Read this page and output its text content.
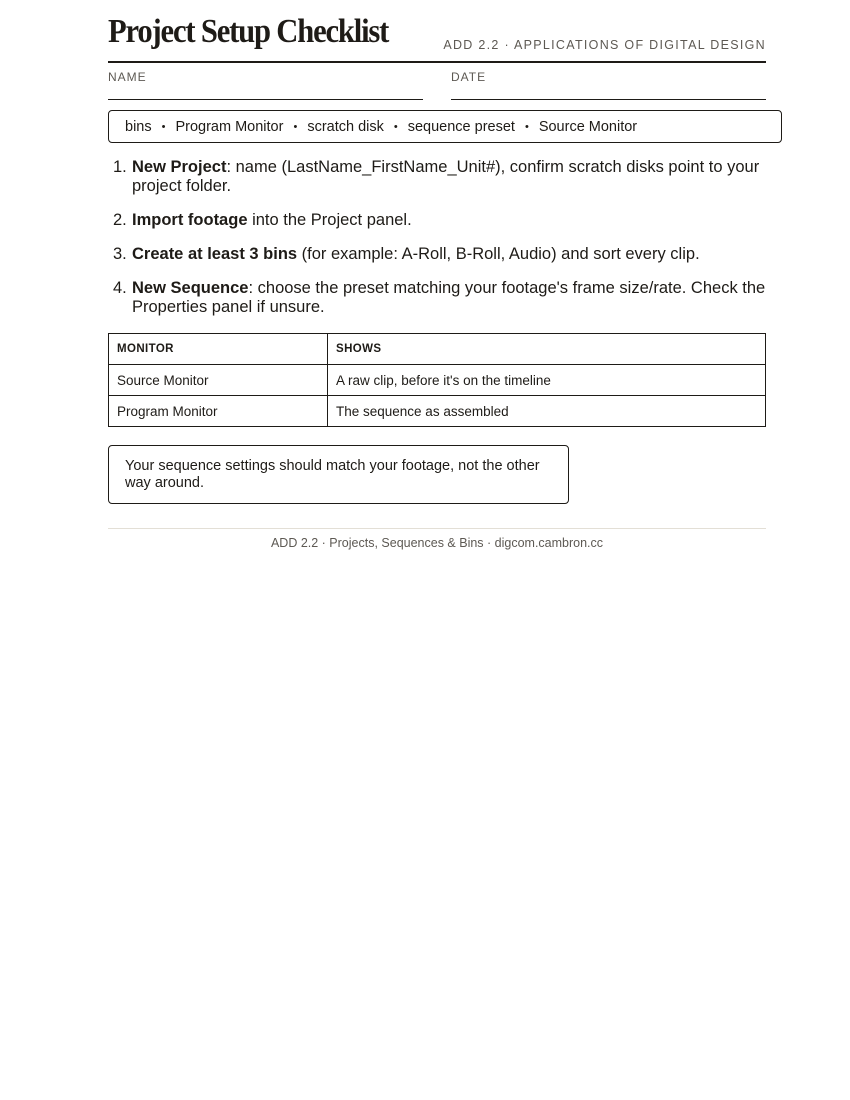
Project Setup Checklist	ADD 2.2 · APPLICATIONS OF DIGITAL DESIGN
NAME	DATE
bins • Program Monitor • scratch disk • sequence preset • Source Monitor
1. New Project: name (LastName_FirstName_Unit#), confirm scratch disks point to your project folder.
2. Import footage into the Project panel.
3. Create at least 3 bins (for example: A-Roll, B-Roll, Audio) and sort every clip.
4. New Sequence: choose the preset matching your footage's frame size/rate. Check the Properties panel if unsure.
MONITOR	SHOWS
Source Monitor	A raw clip, before it's on the timeline
Program Monitor	The sequence as assembled
Your sequence settings should match your footage, not the other way around.
ADD 2.2 · Projects, Sequences & Bins · digcom.cambron.cc
